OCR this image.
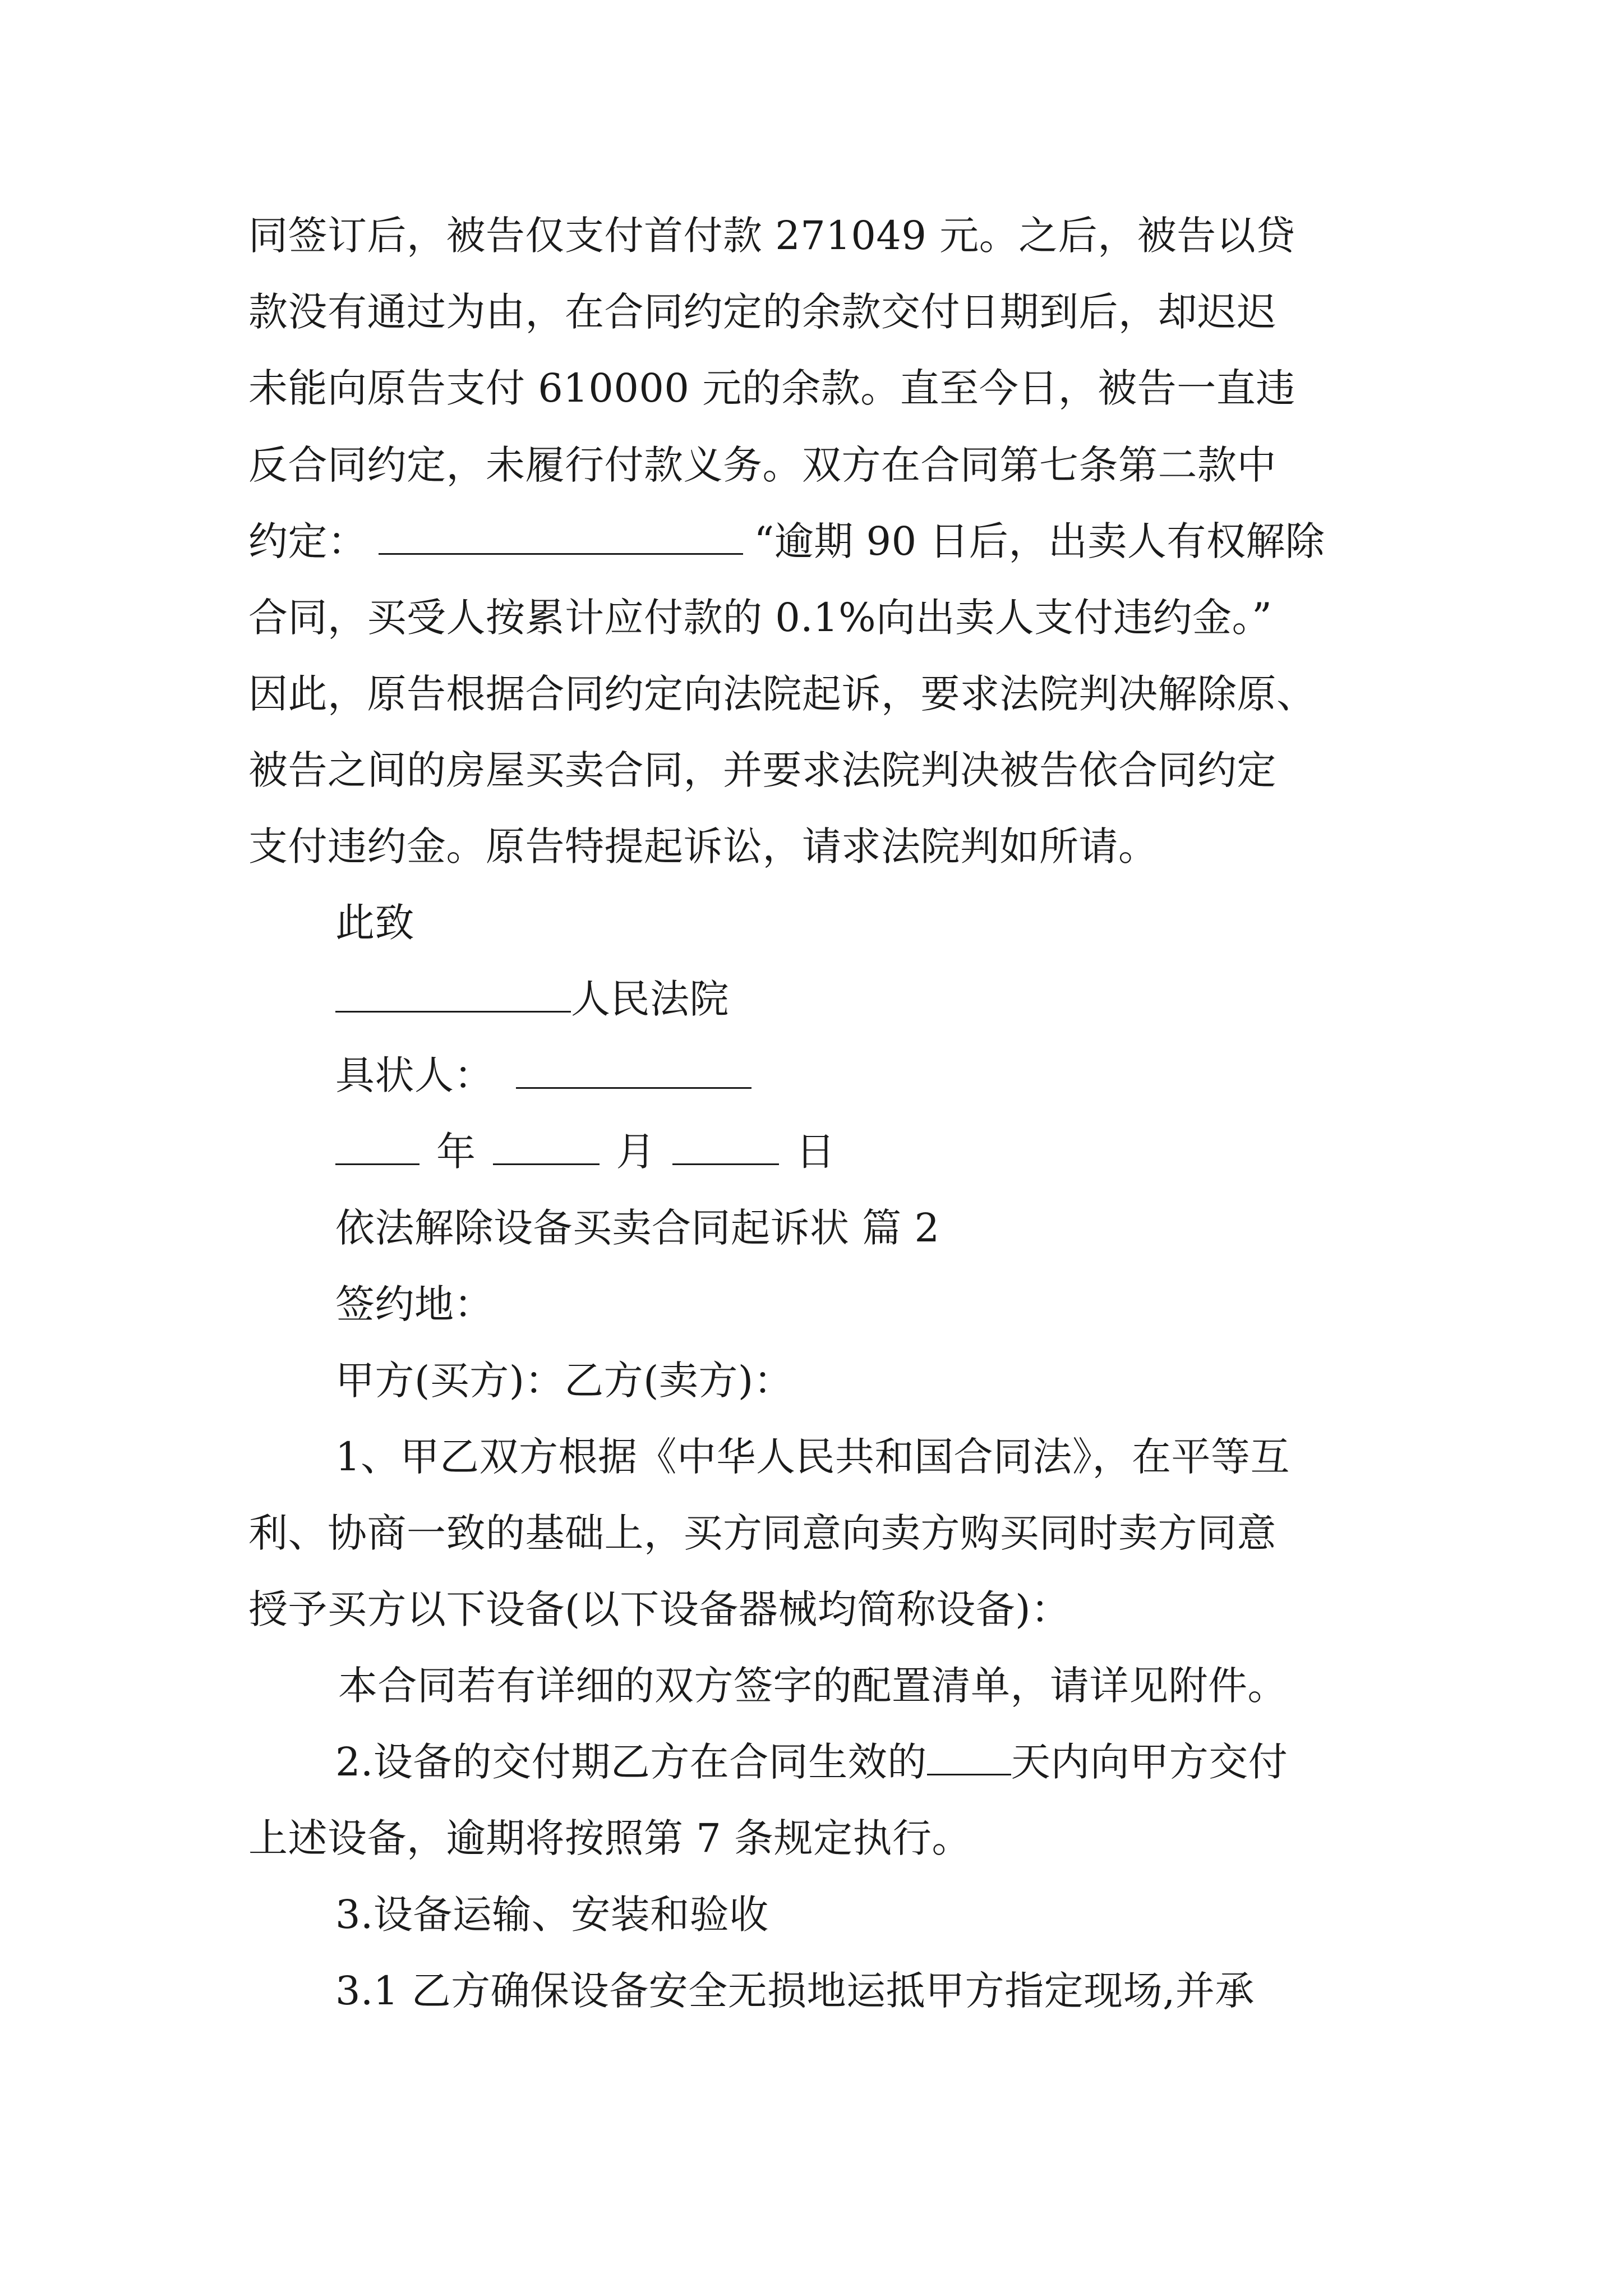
同签订后，被告仅支付首付款 271049 元。之后，被告以贷
款没有通过为由，在合同约定的余款交付日期到后，却迟迟
未能向原告支付 610000 元的余款。直至今日，被告一直违
反合同约定，未履行付款义务。双方在合同第七条第二款中
约定：	“逾期 90 日后，出卖人有权解除
合同，买受人按累计应付款的 0.1%向出卖人支付违约金。”
因此，原告根据合同约定向法院起诉，要求法院判决解除原、
被告之间的房屋买卖合同，并要求法院判决被告依合同约定
支付违约金。原告特提起诉讼，请求法院判如所请。
此致
人民法院
具状人：
年	月	日
依法解除设备买卖合同起诉状 篇 2
签约地：
甲方(买方)：乙方(卖方)：
1、甲乙双方根据《中华人民共和国合同法》，在平等互
利、协商一致的基础上，买方同意向卖方购买同时卖方同意
授予买方以下设备(以下设备器械均简称设备)：
本合同若有详细的双方签字的配置清单，请详见附件。
2.设备的交付期乙方在合同生效的 天内向甲方交付
上述设备，逾期将按照第 7 条规定执行。
3.设备运输、安装和验收
3.1 乙方确保设备安全无损地运抵甲方指定现场,并承
